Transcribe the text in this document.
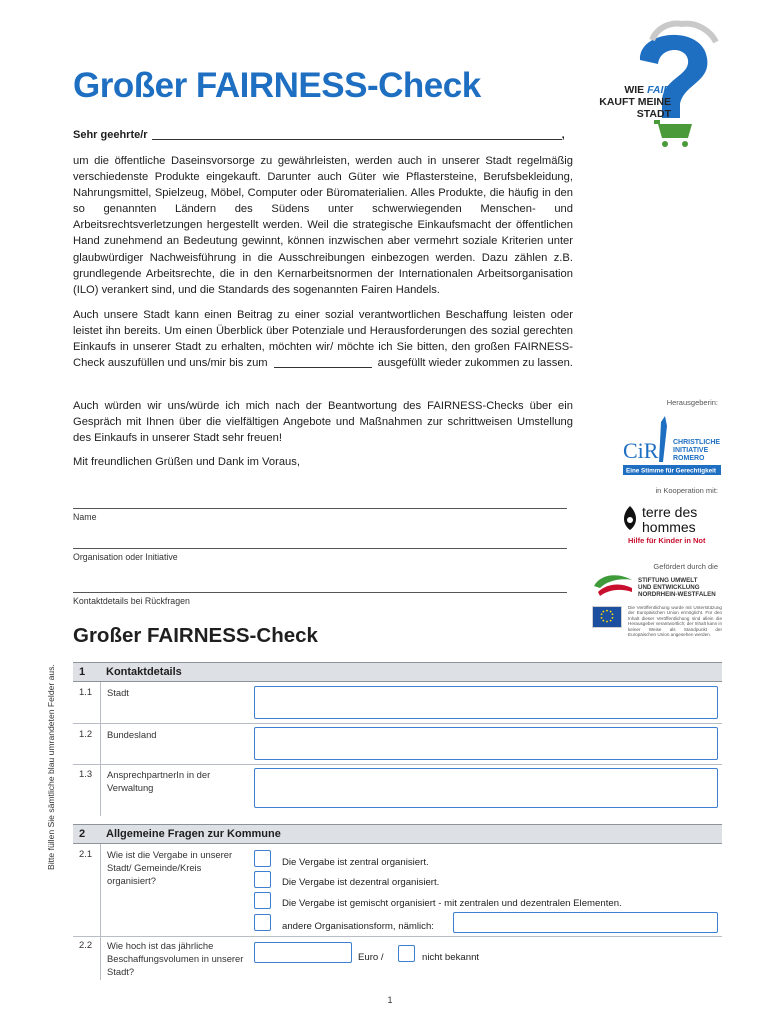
Großer FAIRNESS-Check	WIE FAIR
KAUFT MEINE
STADT
Sehr geehrte/r	,
um die öffentliche Daseinsvorsorge zu gewährleisten, werden auch in unserer Stadt regelmäßig verschiedenste Produkte eingekauft. Darunter auch Güter wie Pflastersteine, Berufsbekleidung, Nahrungsmittel, Spielzeug, Möbel, Computer oder Büromaterialien. Alles Produkte, die häufig in den so genannten Ländern des Südens unter schwerwiegenden Menschen- und Arbeitsrechtsverletzungen hergestellt werden. Weil die strategische Einkaufsmacht der öffentlichen Hand zunehmend an Bedeutung gewinnt, können inzwischen aber vermehrt soziale Kriterien unter glaubwürdiger Nachweisführung in die Ausschreibungen einbezogen werden. Dazu zählen z.B. grundlegende Arbeitsrechte, die in den Kernarbeitsnormen der Internationalen Arbeitsorganisation (ILO) verankert sind, und die Standards des sogenannten Fairen Handels.
Auch unsere Stadt kann einen Beitrag zu einer sozial verantwortlichen Beschaffung leisten oder leistet ihn bereits. Um einen Überblick über Potenziale und Herausforderungen des sozial gerechten Einkaufs in unserer Stadt zu erhalten, möchten wir/ möchte ich Sie bitten, den großen FAIRNESS-Check auszufüllen und uns/mir bis zum	ausgefüllt wieder zukommen zu lassen.
Auch würden wir uns/würde ich mich nach der Beantwortung des FAIRNESS-Checks über ein Gespräch mit Ihnen über die vielfältigen Angebote und Maßnahmen zur schrittweisen Umstellung des Einkaufs in unserer Stadt sehr freuen!
Mit freundlichen Grüßen und Dank im Voraus,
Name
Organisation oder Initiative
Kontaktdetails bei Rückfragen
Herausgeberin:
CiR CHRISTLICHE
INITIATIVE
ROMERO
Eine Stimme für Gerechtigkeit
in Kooperation mit:
terre des
hommes
Hilfe für Kinder in Not
Gefördert durch die
STIFTUNG UMWELT
UND ENTWICKLUNG
NORDRHEIN-WESTFALEN
Die Veröffentlichung wurde mit Unterstützung der Europäischen Union ermöglicht. Für den Inhalt dieser Veröffentlichung sind allein die Herausgeber verantwortlich; der Inhalt kann in keiner Weise als Standpunkt der Europäischen Union angesehen werden.
Bitte füllen Sie sämtliche blau umrandeten Felder aus.
Großer FAIRNESS-Check
1 Kontaktdetails
1.1 Stadt
1.2 Bundesland
1.3 AnsprechpartnerIn in der Verwaltung
2 Allgemeine Fragen zur Kommune
2.1 Wie ist die Vergabe in unserer Stadt/ Gemeinde/Kreis organisiert?
Die Vergabe ist zentral organisiert.
Die Vergabe ist dezentral organisiert.
Die Vergabe ist gemischt organisiert - mit zentralen und dezentralen Elementen.
andere Organisationsform, nämlich:
2.2 Wie hoch ist das jährliche Beschaffungsvolumen in unserer Stadt?
Euro /	nicht bekannt
1
